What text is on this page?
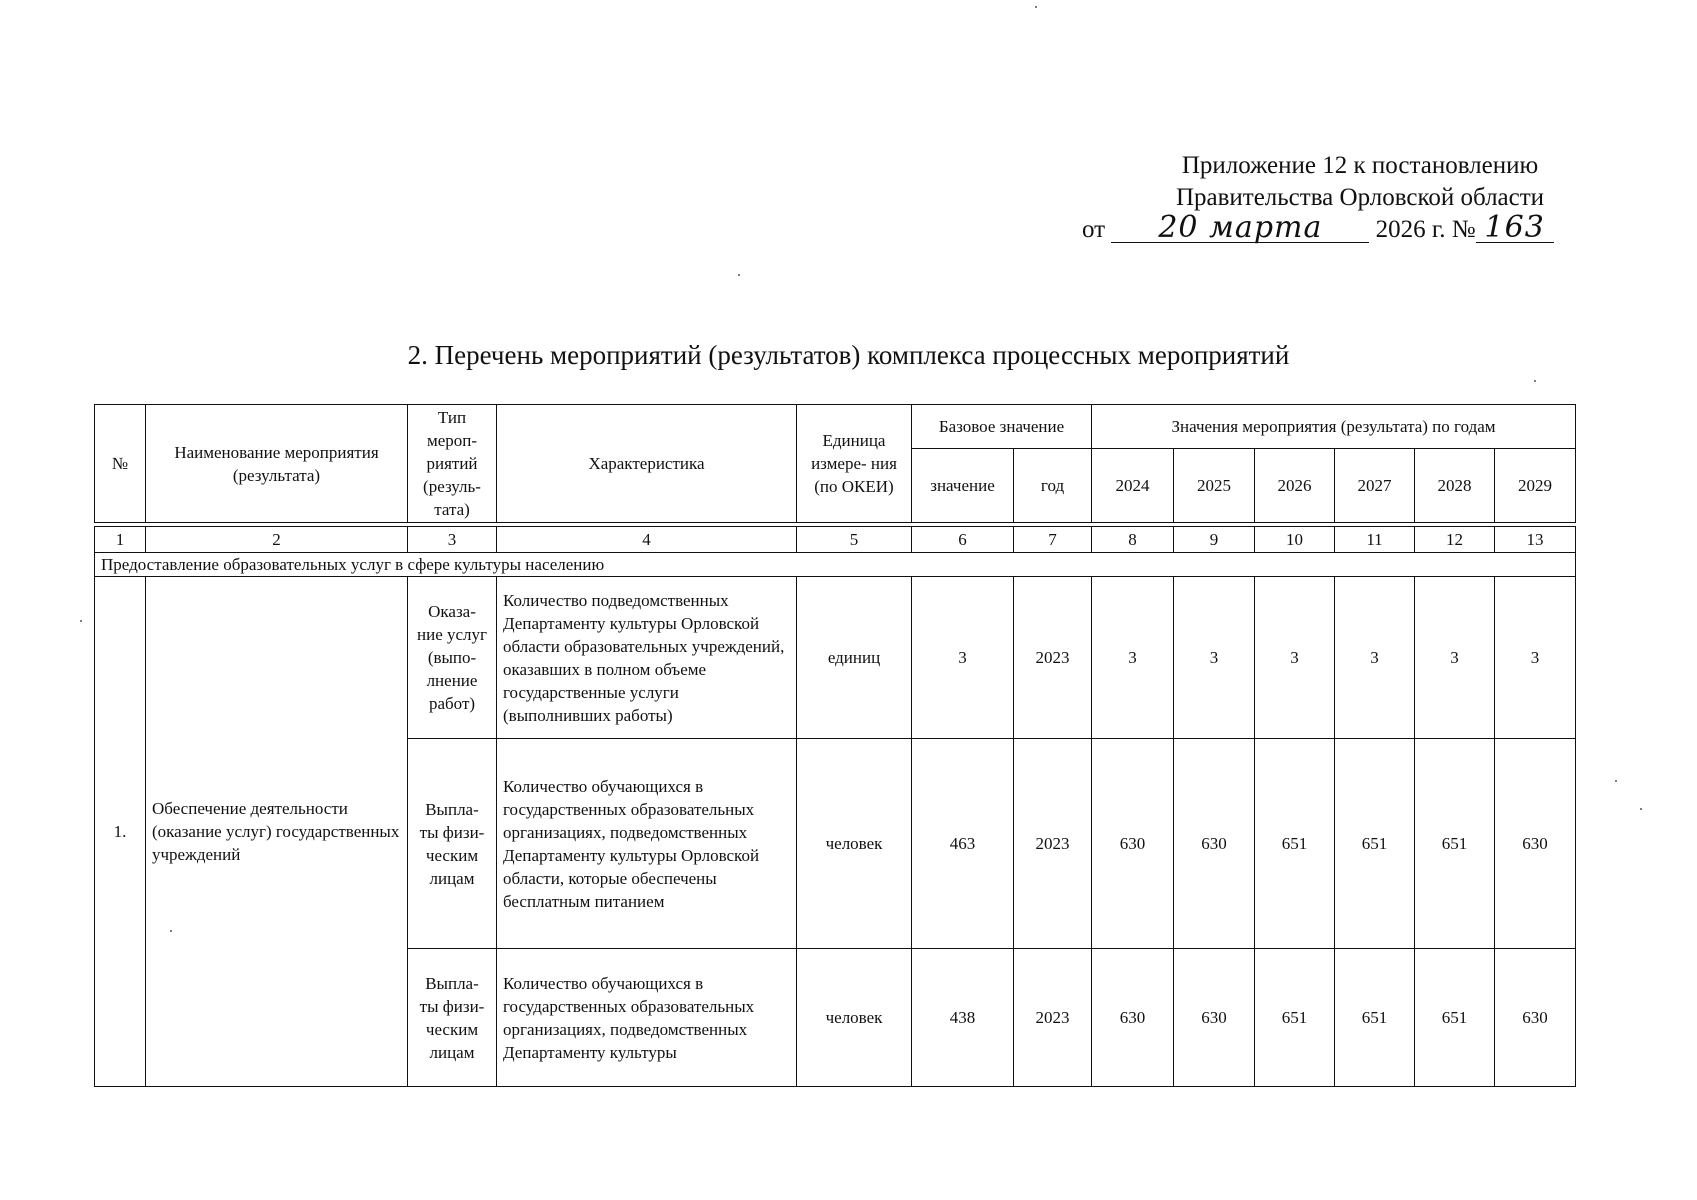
Приложение 12 к постановлению
Правительства Орловской области
от 20 марта 2026 г. № 163
2. Перечень мероприятий (результатов) комплекса процессных мероприятий
№	Наименование мероприятия (результата)	Тип мероп- риятий (резуль- тата)	Характеристика	Единица измере- ния (по ОКЕИ)	Базовое значение		Значения мероприятия (результата) по годам					
					значение	год	2024	2025	2026	2027	2028	2029

1	2	3	4	5	6	7	8	9	10	11	12	13
Предоставление образовательных услуг в сфере культуры населению												
1.	Обеспечение деятельности (оказание услуг) государственных учреждений	Оказа- ние услуг (выпо- лнение работ)	Количество подведомственных Департаменту культуры Орловской области образовательных учреждений, оказавших в полном объеме государственные услуги (выполнивших работы)	единиц	3	2023	3	3	3	3	3	3
		Выпла- ты физи- ческим лицам	Количество обучающихся в государственных образовательных организациях, подведомственных Департаменту культуры Орловской области, которые обеспечены бесплатным питанием	человек	463	2023	630	630	651	651	651	630
		Выпла- ты физи- ческим лицам	Количество обучающихся в государственных образовательных организациях, подведомственных Департаменту культуры	человек	438	2023	630	630	651	651	651	630
